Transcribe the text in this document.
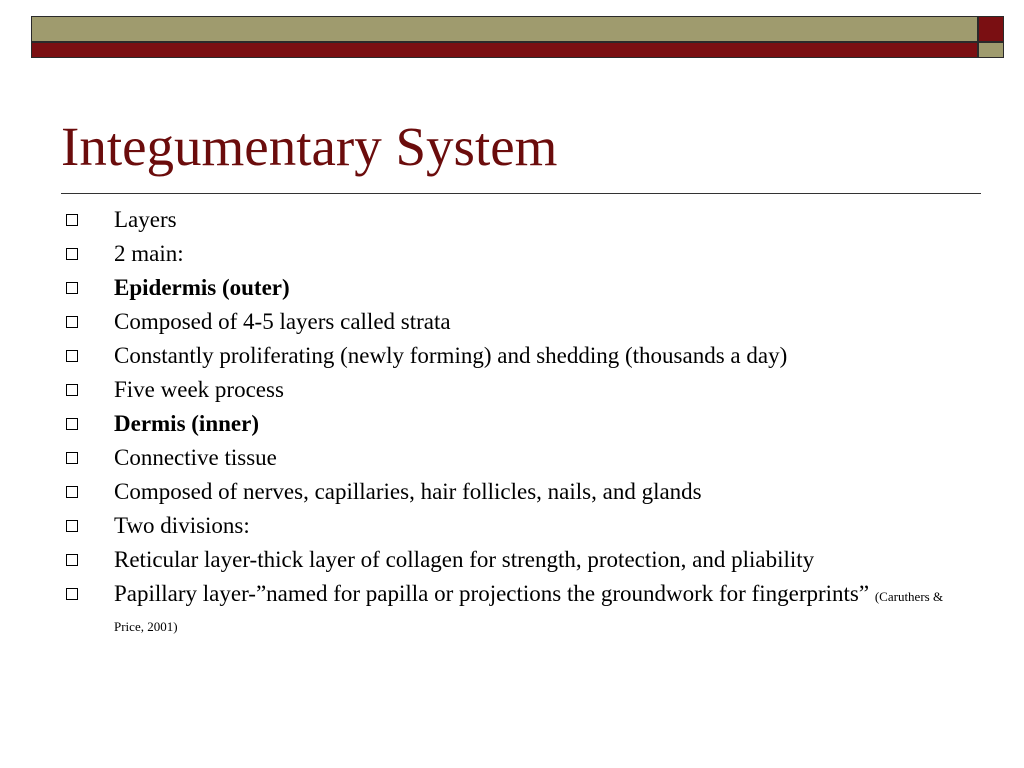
Integumentary System
Layers
2 main:
Epidermis (outer)
Composed of 4-5 layers called strata
Constantly proliferating (newly forming) and shedding (thousands a day)
Five week process
Dermis (inner)
Connective tissue
Composed of nerves, capillaries, hair follicles, nails, and glands
Two divisions:
Reticular layer-thick layer of collagen for strength, protection, and pliability
Papillary layer-”named for papilla or projections the groundwork for fingerprints” (Caruthers & Price, 2001)
